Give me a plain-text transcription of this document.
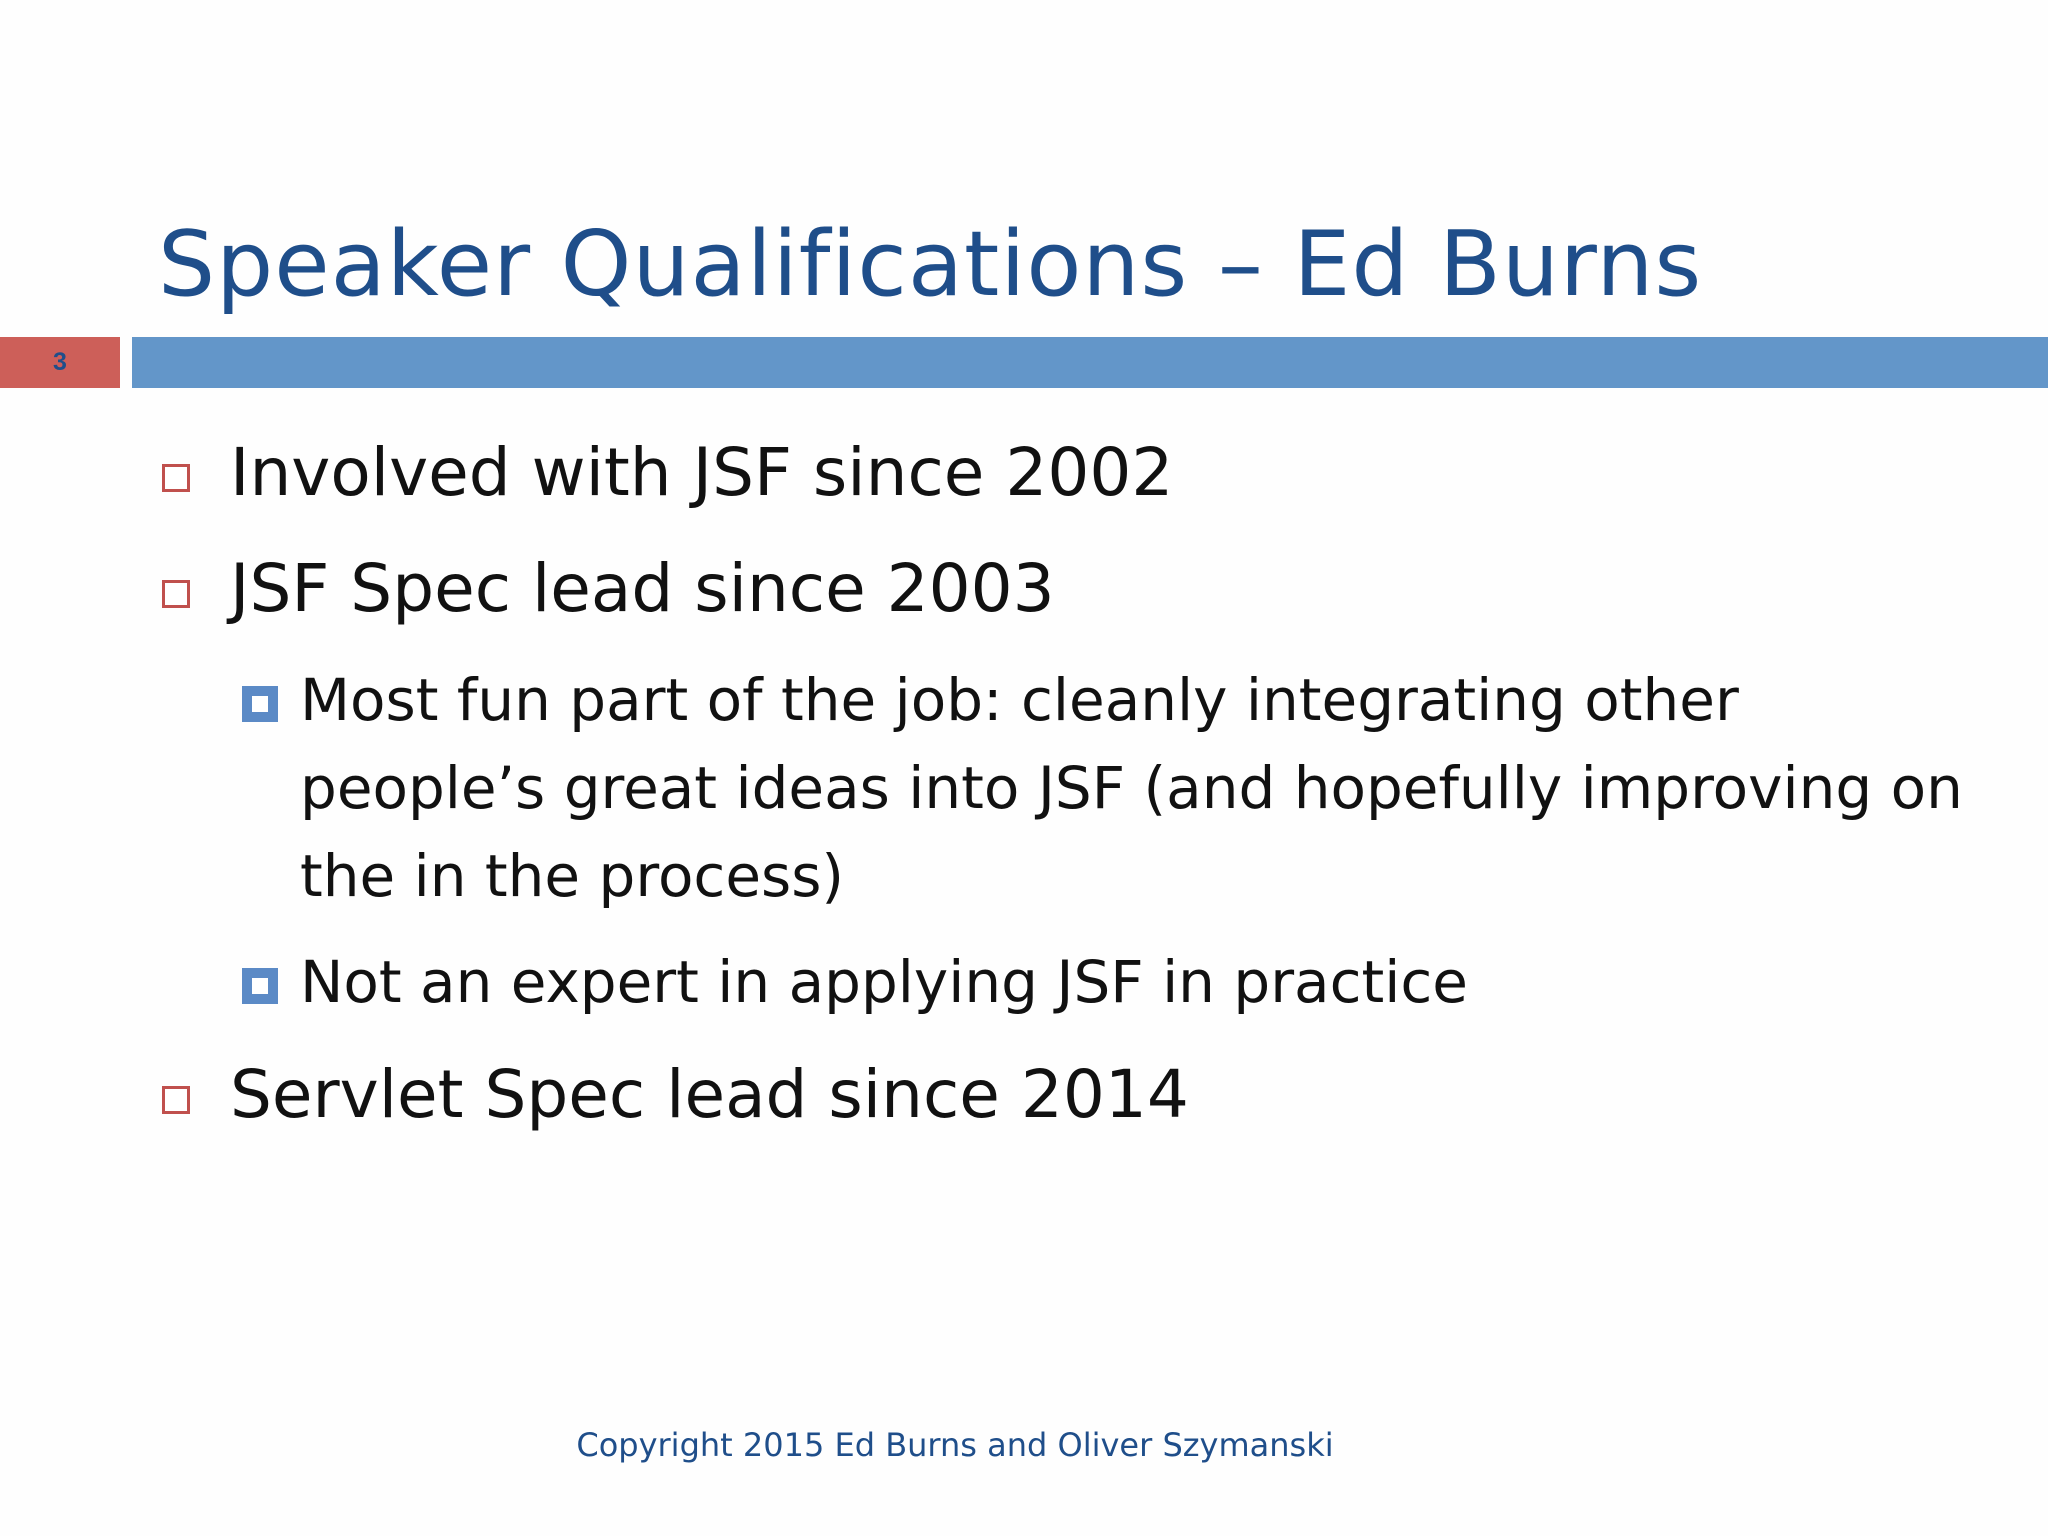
Speaker Qualifications – Ed Burns
3
Involved with JSF since 2002
JSF Spec lead since 2003
Most fun part of the job: cleanly integrating other people’s great ideas into JSF (and hopefully improving on the in the process)
Not an expert in applying JSF in practice
Servlet Spec lead since 2014
Copyright 2015 Ed Burns and Oliver Szymanski
